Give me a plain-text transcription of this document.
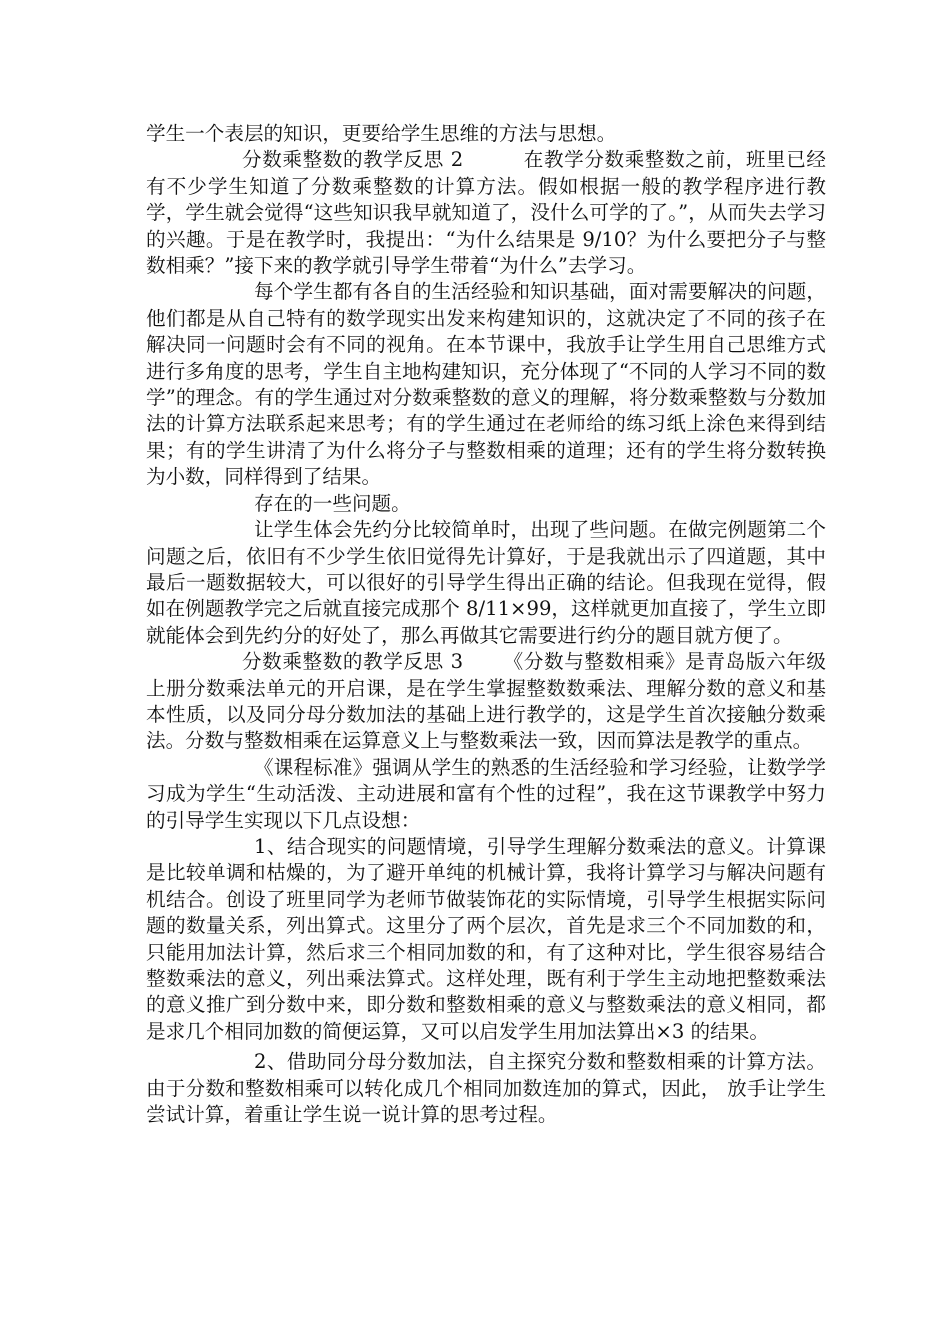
学生一个表层的知识，更要给学生思维的方法与思想。

分数乘整数的教学反思 2	在教学分数乘整数之前，班里已经有不少学生知道了分数乘整数的计算方法。假如根据一般的教学程序进行教学，学生就会觉得“这些知识我早就知道了，没什么可学的了。”，从而失去学习的兴趣。于是在教学时，我提出：“为什么结果是 9/10？为什么要把分子与整数相乘？”接下来的教学就引导学生带着“为什么”去学习。

每个学生都有各自的生活经验和知识基础，面对需要解决的问题，他们都是从自己特有的数学现实出发来构建知识的，这就决定了不同的孩子在解决同一问题时会有不同的视角。在本节课中，我放手让学生用自己思维方式进行多角度的思考，学生自主地构建知识，充分体现了“不同的人学习不同的数学”的理念。有的学生通过对分数乘整数的意义的理解，将分数乘整数与分数加法的计算方法联系起来思考；有的学生通过在老师给的练习纸上涂色来得到结果；有的学生讲清了为什么将分子与整数相乘的道理；还有的学生将分数转换为小数，同样得到了结果。

存在的一些问题。

让学生体会先约分比较简单时，出现了些问题。在做完例题第二个问题之后，依旧有不少学生依旧觉得先计算好，于是我就出示了四道题，其中最后一题数据较大，可以很好的引导学生得出正确的结论。但我现在觉得，假如在例题教学完之后就直接完成那个 8/11×99，这样就更加直接了，学生立即就能体会到先约分的好处了，那么再做其它需要进行约分的题目就方便了。

分数乘整数的教学反思 3 《分数与整数相乘》是青岛版六年级上册分数乘法单元的开启课，是在学生掌握整数数乘法、理解分数的意义和基本性质，以及同分母分数加法的基础上进行教学的，这是学生首次接触分数乘法。分数与整数相乘在运算意义上与整数乘法一致，因而算法是教学的重点。

《课程标准》强调从学生的熟悉的生活经验和学习经验，让数学学习成为学生“生动活泼、主动进展和富有个性的过程”，我在这节课教学中努力的引导学生实现以下几点设想：

1、结合现实的问题情境，引导学生理解分数乘法的意义。计算课是比较单调和枯燥的，为了避开单纯的机械计算，我将计算学习与解决问题有机结合。创设了班里同学为老师节做装饰花的实际情境，引导学生根据实际问题的数量关系，列出算式。这里分了两个层次，首先是求三个不同加数的和，只能用加法计算，然后求三个相同加数的和，有了这种对比，学生很容易结合整数乘法的意义，列出乘法算式。这样处理，既有利于学生主动地把整数乘法的意义推广到分数中来，即分数和整数相乘的意义与整数乘法的意义相同，都是求几个相同加数的简便运算，又可以启发学生用加法算出×3 的结果。

2、借助同分母分数加法，自主探究分数和整数相乘的计算方法。由于分数和整数相乘可以转化成几个相同加数连加的算式，因此， 放手让学生尝试计算，着重让学生说一说计算的思考过程。
